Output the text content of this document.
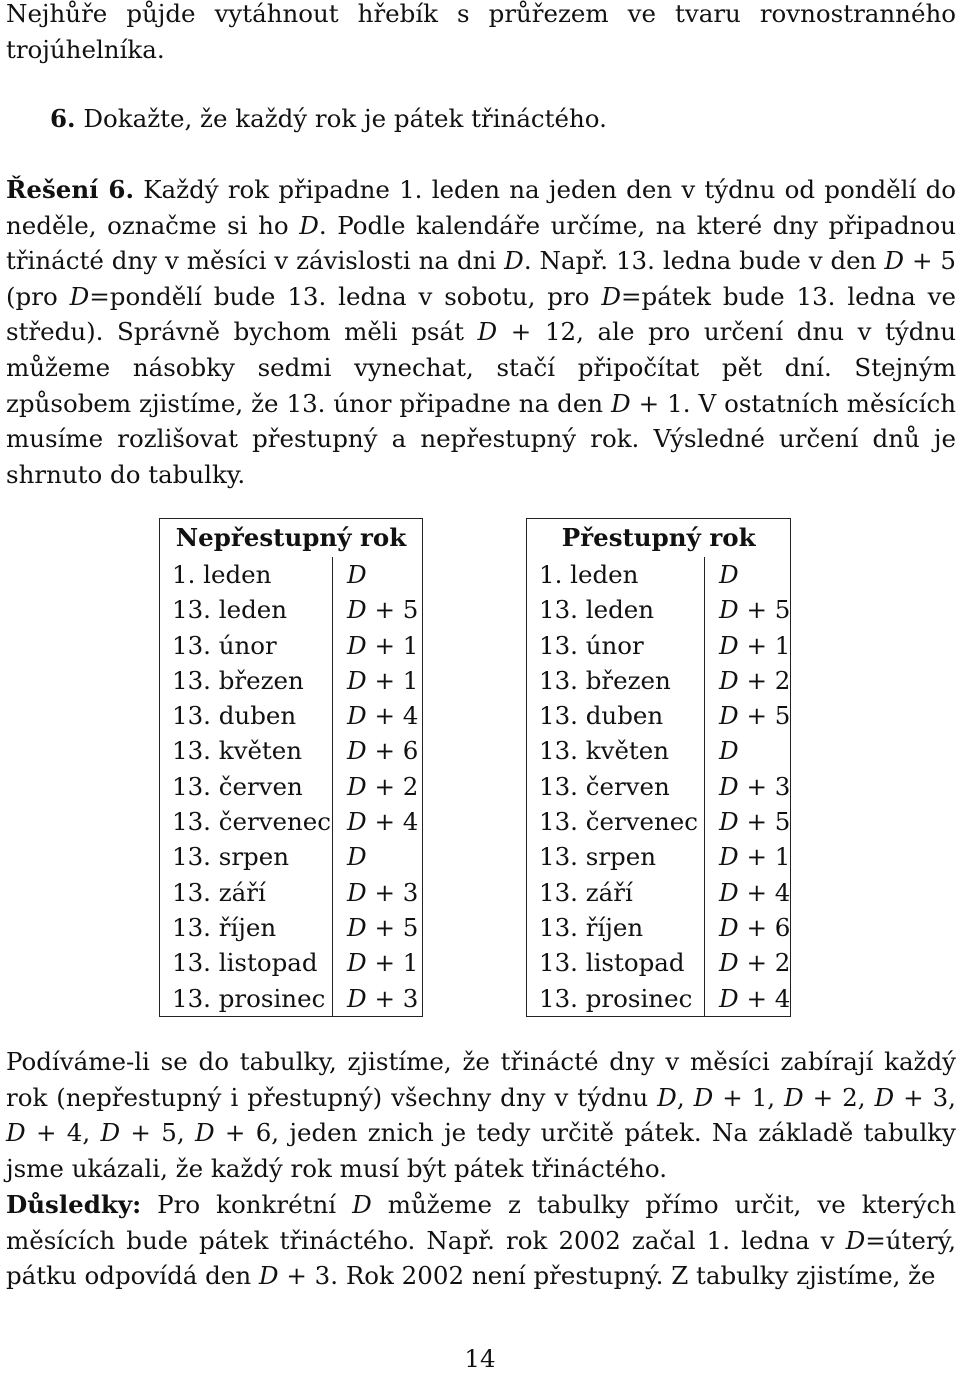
Nejhůře půjde vytáhnout hřebík s průřezem ve tvaru rovnostranného trojúhelníka.

6. Dokažte, že každý rok je pátek třináctého.

Řešení 6. Každý rok připadne 1. leden na jeden den v týdnu od pondělí do neděle, označme si ho D. Podle kalendáře určíme, na které dny připadnou třinácté dny v měsíci v závislosti na dni D. Např. 13. ledna bude v den D + 5 (pro D=pondělí bude 13. ledna v sobotu, pro D=pátek bude 13. ledna ve středu). Správně bychom měli psát D + 12, ale pro určení dnu v týdnu můžeme násobky sedmi vynechat, stačí připočítat pět dní. Stejným způsobem zjistíme, že 13. únor připadne na den D + 1. V ostatních měsících musíme rozlišovat přestupný a nepřestupný rok. Výsledné určení dnů je shrnuto do tabulky.

Nepřestupný rok	
1. leden	D
13. leden	D + 5
13. únor	D + 1
13. březen	D + 1
13. duben	D + 4
13. květen	D + 6
13. červen	D + 2
13. červenec	D + 4
13. srpen	D
13. září	D + 3
13. říjen	D + 5
13. listopad	D + 1
13. prosinec	D + 3
Přestupný rok	
1. leden	D
13. leden	D + 5
13. únor	D + 1
13. březen	D + 2
13. duben	D + 5
13. květen	D
13. červen	D + 3
13. červenec	D + 5
13. srpen	D + 1
13. září	D + 4
13. říjen	D + 6
13. listopad	D + 2
13. prosinec	D + 4

Podíváme-li se do tabulky, zjistíme, že třinácté dny v měsíci zabírají každý rok (nepřestupný i přestupný) všechny dny v týdnu D, D + 1, D + 2, D + 3, D + 4, D + 5, D + 6, jeden znich je tedy určitě pátek. Na základě tabulky jsme ukázali, že každý rok musí být pátek třináctého.

Důsledky: Pro konkrétní D můžeme z tabulky přímo určit, ve kterých měsících bude pátek třináctého. Např. rok 2002 začal 1. ledna v D=úterý, pátku odpovídá den D + 3. Rok 2002 není přestupný. Z tabulky zjistíme, že

14
